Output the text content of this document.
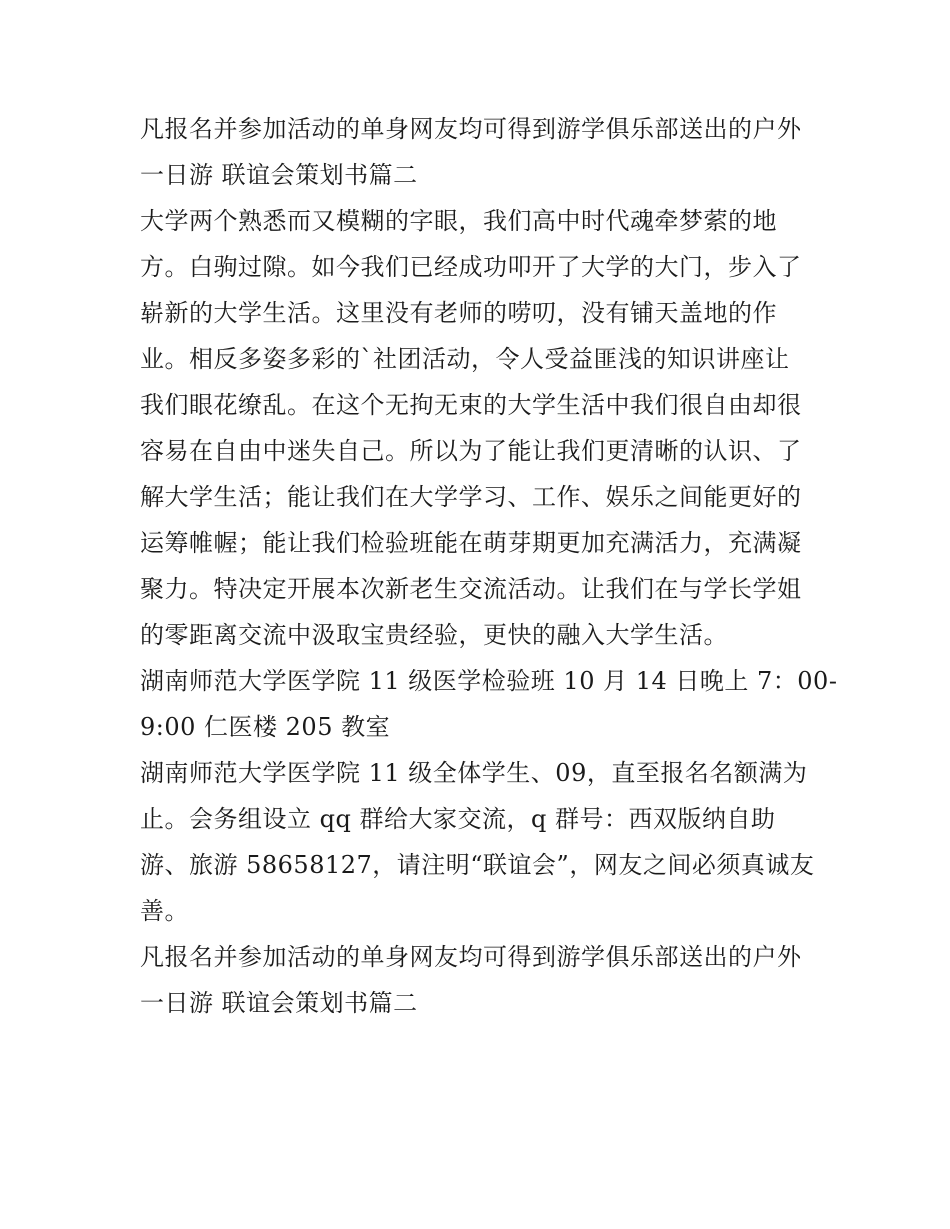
凡报名并参加活动的单身网友均可得到游学俱乐部送出的户外
一日游 联谊会策划书篇二
大学两个熟悉而又模糊的字眼，我们高中时代魂牵梦萦的地
方。白驹过隙。如今我们已经成功叩开了大学的大门，步入了
崭新的大学生活。这里没有老师的唠叨，没有铺天盖地的作
业。相反多姿多彩的`社团活动，令人受益匪浅的知识讲座让
我们眼花缭乱。在这个无拘无束的大学生活中我们很自由却很
容易在自由中迷失自己。所以为了能让我们更清晰的认识、了
解大学生活；能让我们在大学学习、工作、娱乐之间能更好的
运筹帷幄；能让我们检验班能在萌芽期更加充满活力，充满凝
聚力。特决定开展本次新老生交流活动。让我们在与学长学姐
的零距离交流中汲取宝贵经验，更快的融入大学生活。
湖南师范大学医学院 11 级医学检验班 10 月 14 日晚上 7：00-
9:00 仁医楼 205 教室
湖南师范大学医学院 11 级全体学生、09，直至报名名额满为
止。会务组设立 qq 群给大家交流，q 群号：西双版纳自助
游、旅游 58658127，请注明“联谊会”，网友之间必须真诚友
善。
凡报名并参加活动的单身网友均可得到游学俱乐部送出的户外
一日游 联谊会策划书篇二
